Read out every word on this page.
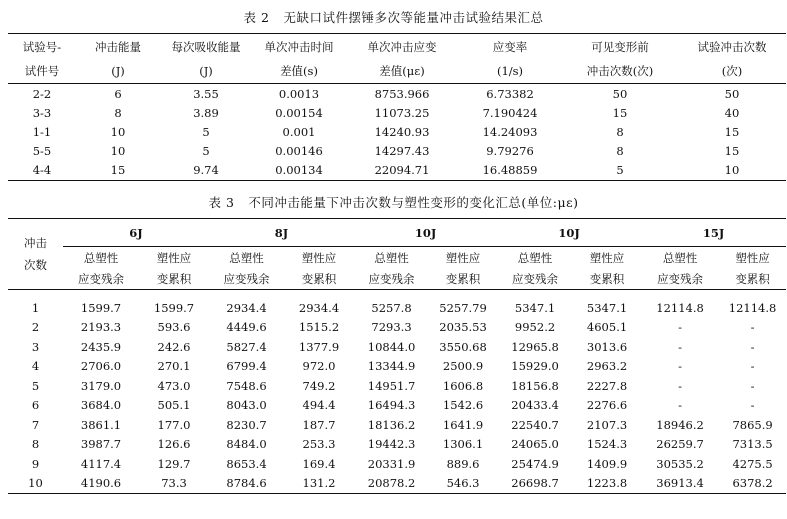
表 2 无缺口试件摆锤多次等能量冲击试验结果汇总
试验号-	冲击能量	每次吸收能量	单次冲击时间	单次冲击应变	应变率	可见变形前	试验冲击次数
试件号	(J)	(J)	差值(s)	差值(με)	(1/s)	冲击次数(次)	(次)
2-2	6	3.55	0.0013	8753.966	6.73382	50	50
3-3	8	3.89	0.00154	11073.25	7.190424	15	40
1-1	10	5	0.001	14240.93	14.24093	8	15
5-5	10	5	0.00146	14297.43	9.79276	8	15
4-4	15	9.74	0.00134	22094.71	16.48859	5	10
表 3 不同冲击能量下冲击次数与塑性变形的变化汇总(单位:με)
冲击
次数	6J		8J		10J		10J		15J	
	总塑性	塑性应	总塑性	塑性应	总塑性	塑性应	总塑性	塑性应	总塑性	塑性应
	应变残余	变累积	应变残余	变累积	应变残余	变累积	应变残余	变累积	应变残余	变累积
1	1599.7	1599.7	2934.4	2934.4	5257.8	5257.79	5347.1	5347.1	12114.8	12114.8
2	2193.3	593.6	4449.6	1515.2	7293.3	2035.53	9952.2	4605.1	-	-
3	2435.9	242.6	5827.4	1377.9	10844.0	3550.68	12965.8	3013.6	-	-
4	2706.0	270.1	6799.4	972.0	13344.9	2500.9	15929.0	2963.2	-	-
5	3179.0	473.0	7548.6	749.2	14951.7	1606.8	18156.8	2227.8	-	-
6	3684.0	505.1	8043.0	494.4	16494.3	1542.6	20433.4	2276.6	-	-
7	3861.1	177.0	8230.7	187.7	18136.2	1641.9	22540.7	2107.3	18946.2	7865.9
8	3987.7	126.6	8484.0	253.3	19442.3	1306.1	24065.0	1524.3	26259.7	7313.5
9	4117.4	129.7	8653.4	169.4	20331.9	889.6	25474.9	1409.9	30535.2	4275.5
10	4190.6	73.3	8784.6	131.2	20878.2	546.3	26698.7	1223.8	36913.4	6378.2
